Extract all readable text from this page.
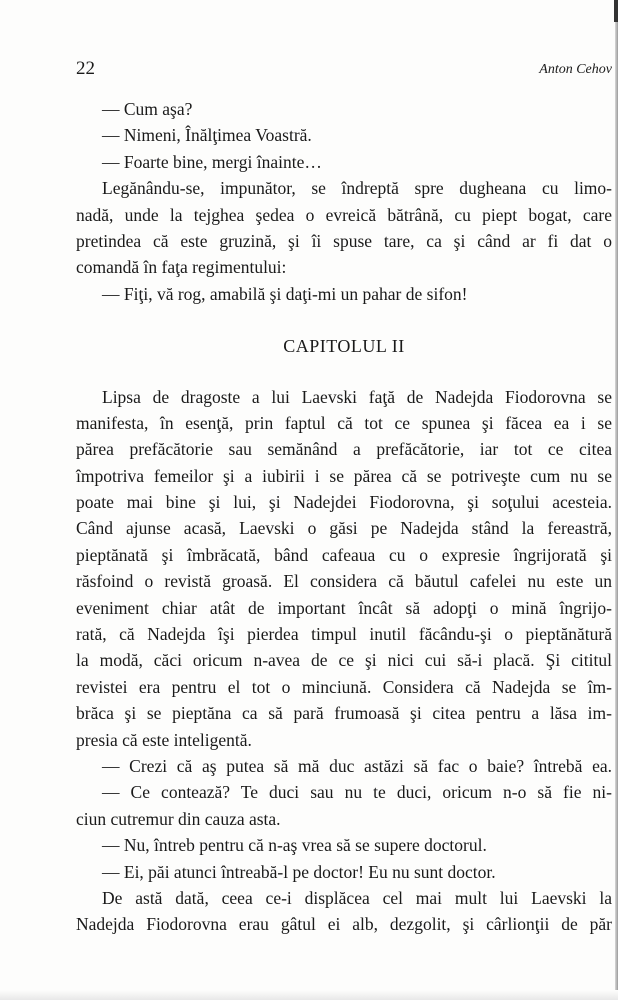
22	Anton Cehov
— Cum aşa?
— Nimeni, Înălţimea Voastră.
— Foarte bine, mergi înainte…
Legănându-se, impunător, se îndreptă spre dugheana cu limo-
nadă, unde la tejghea şedea o evreică bătrână, cu piept bogat, care
pretindea că este gruzină, şi îi spuse tare, ca şi când ar fi dat o
comandă în faţa regimentului:
— Fiţi, vă rog, amabilă şi daţi-mi un pahar de sifon!
CAPITOLUL II
Lipsa de dragoste a lui Laevski faţă de Nadejda Fiodorovna se
manifesta, în esenţă, prin faptul că tot ce spunea şi făcea ea i se
părea prefăcătorie sau semănând a prefăcătorie, iar tot ce citea
împotriva femeilor şi a iubirii i se părea că se potriveşte cum nu se
poate mai bine şi lui, şi Nadejdei Fiodorovna, şi soţului acesteia.
Când ajunse acasă, Laevski o găsi pe Nadejda stând la fereastră,
pieptănată şi îmbrăcată, bând cafeaua cu o expresie îngrijorată şi
răsfoind o revistă groasă. El considera că băutul cafelei nu este un
eveniment chiar atât de important încât să adopţi o mină îngrijo-
rată, că Nadejda îşi pierdea timpul inutil făcându-şi o pieptănătură
la modă, căci oricum n-avea de ce şi nici cui să-i placă. Şi cititul
revistei era pentru el tot o minciună. Considera că Nadejda se îm-
brăca şi se pieptăna ca să pară frumoasă şi citea pentru a lăsa im-
presia că este inteligentă.
— Crezi că aş putea să mă duc astăzi să fac o baie? întrebă ea.
— Ce contează? Te duci sau nu te duci, oricum n-o să fie ni-
ciun cutremur din cauza asta.
— Nu, întreb pentru că n-aş vrea să se supere doctorul.
— Ei, păi atunci întreabă-l pe doctor! Eu nu sunt doctor.
De astă dată, ceea ce-i displăcea cel mai mult lui Laevski la
Nadejda Fiodorovna erau gâtul ei alb, dezgolit, şi cârlionţii de păr
